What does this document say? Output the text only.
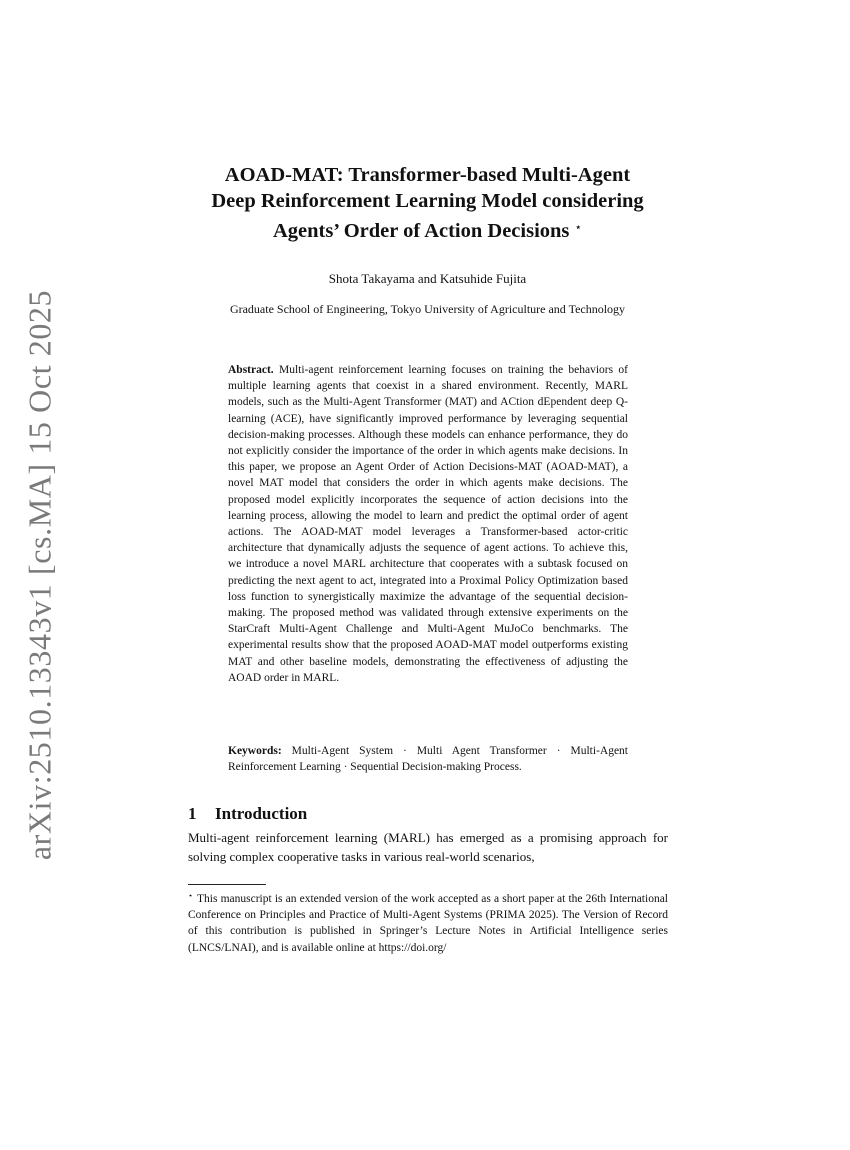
arXiv:2510.13343v1 [cs.MA] 15 Oct 2025
AOAD-MAT: Transformer-based Multi-Agent
Deep Reinforcement Learning Model considering
Agents’ Order of Action Decisions ⋆
Shota Takayama and Katsuhide Fujita
Graduate School of Engineering, Tokyo University of Agriculture and Technology
Abstract. Multi-agent reinforcement learning focuses on training the behaviors of multiple learning agents that coexist in a shared environment. Recently, MARL models, such as the Multi-Agent Transformer (MAT) and ACtion dEpendent deep Q-learning (ACE), have significantly improved performance by leveraging sequential decision-making processes. Although these models can enhance performance, they do not explicitly consider the importance of the order in which agents make decisions. In this paper, we propose an Agent Order of Action Decisions-MAT (AOAD-MAT), a novel MAT model that considers the order in which agents make decisions. The proposed model explicitly incorporates the sequence of action decisions into the learning process, allowing the model to learn and predict the optimal order of agent actions. The AOAD-MAT model leverages a Transformer-based actor-critic architecture that dynamically adjusts the sequence of agent actions. To achieve this, we introduce a novel MARL architecture that cooperates with a subtask focused on predicting the next agent to act, integrated into a Proximal Policy Optimization based loss function to synergistically maximize the advantage of the sequential decision-making. The proposed method was validated through extensive experiments on the StarCraft Multi-Agent Challenge and Multi-Agent MuJoCo benchmarks. The experimental results show that the proposed AOAD-MAT model outperforms existing MAT and other baseline models, demonstrating the effectiveness of adjusting the AOAD order in MARL.
Keywords: Multi-Agent System · Multi Agent Transformer · Multi-Agent Reinforcement Learning · Sequential Decision-making Process.
1 Introduction
Multi-agent reinforcement learning (MARL) has emerged as a promising approach for solving complex cooperative tasks in various real-world scenarios,
⋆ This manuscript is an extended version of the work accepted as a short paper at the 26th International Conference on Principles and Practice of Multi-Agent Systems (PRIMA 2025). The Version of Record of this contribution is published in Springer’s Lecture Notes in Artificial Intelligence series (LNCS/LNAI), and is available online at https://doi.org/
